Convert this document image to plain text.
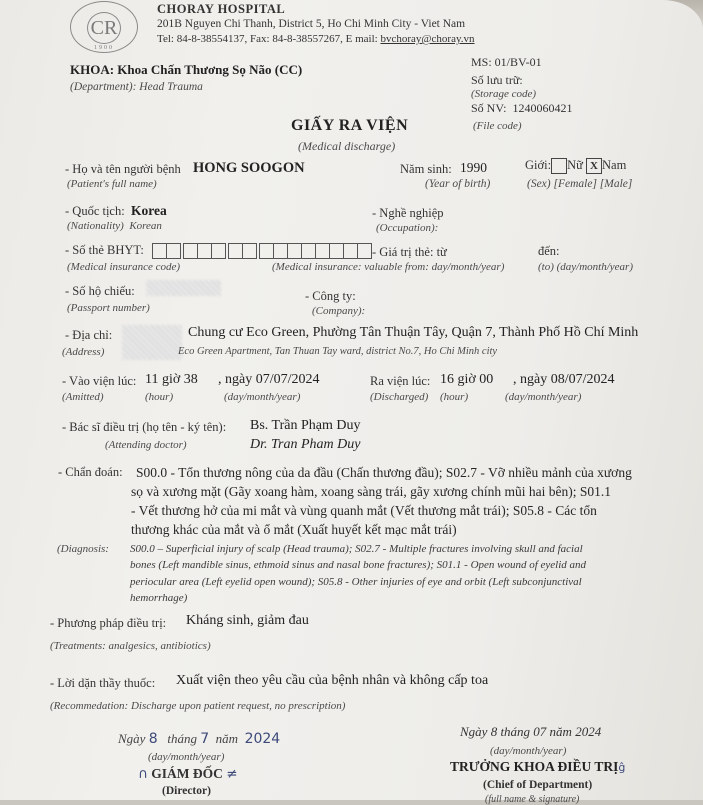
CR
1900
CHORAY HOSPITAL
201B Nguyen Chi Thanh, District 5, Ho Chi Minh City - Viet Nam
Tel: 84-8-38554137, Fax: 84-8-38557267, E mail: bvchoray@choray.vn
KHOA: Khoa Chấn Thương Sọ Não (CC)
(Department): Head Trauma
MS: 01/BV-01
Số lưu trữ:
(Storage code)
Số NV: 1240060421
(File code)
GIẤY RA VIỆN
(Medical discharge)
- Họ và tên người bệnh HONG SOOGON
(Patient's full name)
Năm sinh: 1990
(Year of birth)
Giới: Nữ X Nam
(Sex) [Female] [Male]
- Quốc tịch: Korea
(Nationality) Korean
- Nghề nghiệp
(Occupation):
- Số thẻ BHYT:
(Medical insurance code)
- Giá trị thẻ: từ
(Medical insurance: valuable from: day/month/year)
đến:
(to) (day/month/year)
- Số hộ chiếu:
(Passport number)
- Công ty:
(Company):
- Địa chỉ:	Chung cư Eco Green, Phường Tân Thuận Tây, Quận 7, Thành Phố Hồ Chí Minh
(Address)	Eco Green Apartment, Tan Thuan Tay ward, district No.7, Ho Chi Minh city
- Vào viện lúc: 11 giờ 38 , ngày 07/07/2024
(Amitted)	(hour)	(day/month/year)
Ra viện lúc: 16 giờ 00 , ngày 08/07/2024
(Discharged) (hour)	(day/month/year)
- Bác sĩ điều trị (họ tên - ký tên): Bs. Trần Phạm Duy
(Attending doctor)	Dr. Tran Pham Duy
- Chẩn đoán: S00.0 - Tổn thương nông của da đầu (Chấn thương đầu); S02.7 - Vỡ nhiều mảnh của xương
sọ và xương mặt (Gãy xoang hàm, xoang sàng trái, gãy xương chính mũi hai bên); S01.1
- Vết thương hở của mi mắt và vùng quanh mắt (Vết thương mắt trái); S05.8 - Các tổn
thương khác của mắt và ổ mắt (Xuất huyết kết mạc mắt trái)
(Diagnosis: S00.0 – Superficial injury of scalp (Head trauma); S02.7 - Multiple fractures involving skull and facial
bones (Left mandible sinus, ethmoid sinus and nasal bone fractures); S01.1 - Open wound of eyelid and
periocular area (Left eyelid open wound); S05.8 - Other injuries of eye and orbit (Left subconjunctival
hemorrhage)
- Phương pháp điều trị: Kháng sinh, giảm đau
(Treatments: analgesics, antibiotics)
- Lời dặn thầy thuốc: Xuất viện theo yêu cầu của bệnh nhân và không cấp toa
(Recommedation: Discharge upon patient request, no prescription)
Ngày 8 tháng 7 năm 2024
(day/month/year)
∩ GIÁM ĐỐC ≠
(Director)
Ngày 8 tháng 07 năm 2024
(day/month/year)
TRƯỞNG KHOA ĐIỀU TRỊĝ
(Chief of Department)
(full name & signature)
